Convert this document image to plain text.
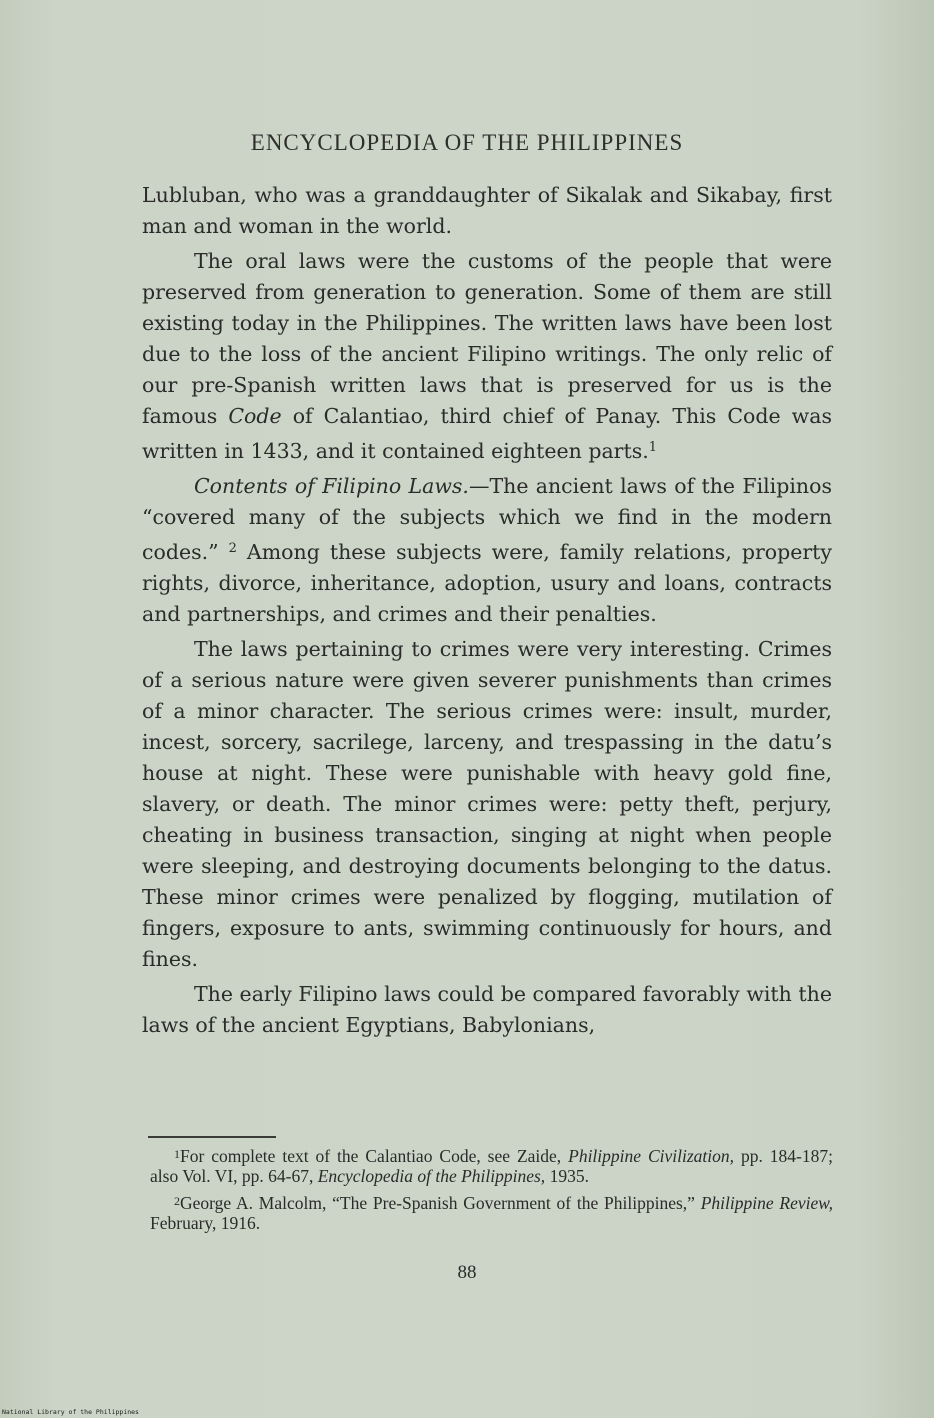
ENCYCLOPEDIA OF THE PHILIPPINES

Lubluban, who was a granddaughter of Sikalak and Sikabay, first man and woman in the world.

The oral laws were the customs of the people that were preserved from generation to generation. Some of them are still existing today in the Philippines. The written laws have been lost due to the loss of the ancient Filipino writings. The only relic of our pre-Spanish written laws that is preserved for us is the famous Code of Calantiao, third chief of Panay. This Code was written in 1433, and it contained eighteen parts.$^1$

Contents of Filipino Laws.—The ancient laws of the Filipinos “covered many of the subjects which we find in the modern codes.” $^2$ Among these subjects were, family relations, property rights, divorce, inheritance, adoption, usury and loans, contracts and partnerships, and crimes and their penalties.

The laws pertaining to crimes were very interesting. Crimes of a serious nature were given severer punishments than crimes of a minor character. The serious crimes were: insult, murder, incest, sorcery, sacrilege, larceny, and trespassing in the datu’s house at night. These were punishable with heavy gold fine, slavery, or death. The minor crimes were: petty theft, perjury, cheating in business transaction, singing at night when people were sleeping, and destroying documents belonging to the datus. These minor crimes were penalized by flogging, mutilation of fingers, exposure to ants, swimming continuously for hours, and fines.

The early Filipino laws could be compared favorably with the laws of the ancient Egyptians, Babylonians,

$^1$For complete text of the Calantiao Code, see Zaide, Philippine Civilization, pp. 184-187; also Vol. VI, pp. 64-67, Encyclopedia of the Philippines, 1935.

$^2$George A. Malcolm, “The Pre-Spanish Government of the Philippines,” Philippine Review, February, 1916.

88
National Library of the Philippines
